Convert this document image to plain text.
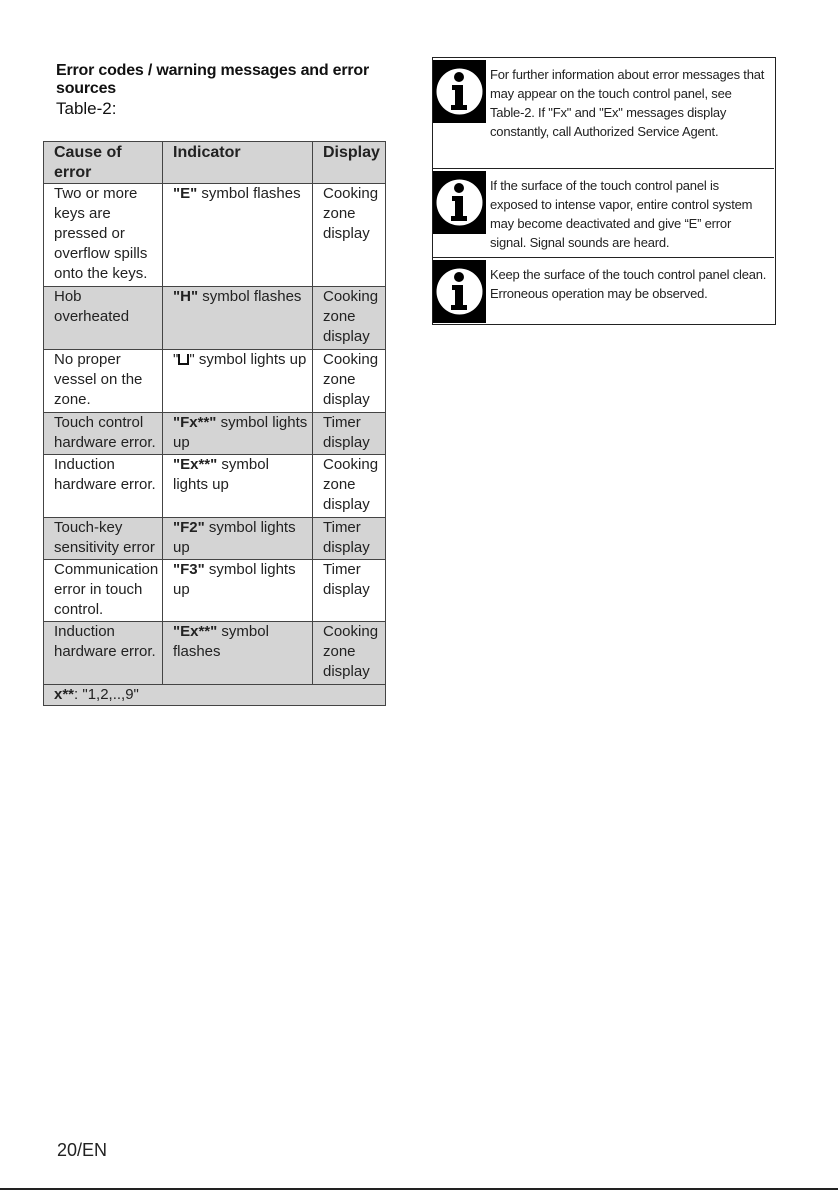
Error codes / warning messages and error sources
Table-2:
Cause of error	Indicator	Display
Two or more keys are pressed or overflow spills onto the keys.	"E" symbol flashes	Cooking zone display
Hob overheated	"H" symbol flashes	Cooking zone display
No proper vessel on the zone.	" " symbol lights up	Cooking zone display
Touch control hardware error.	"Fx**" symbol lights up	Timer display
Induction hardware error.	"Ex**" symbol lights up	Cooking zone display
Touch-key sensitivity error	"F2" symbol lights up	Timer display
Communication error in touch control.	"F3" symbol lights up	Timer display
Induction hardware error.	"Ex**" symbol flashes	Cooking zone display
x**: "1,2,..,9"		
For further information about error messages that may appear on the touch control panel, see Table-2. If "Fx" and "Ex" messages display constantly, call Authorized Service Agent.
If the surface of the touch control panel is exposed to intense vapor, entire control system may become deactivated and give “E” error signal. Signal sounds are heard.
Keep the surface of the touch control panel clean. Erroneous operation may be observed.
20/EN
